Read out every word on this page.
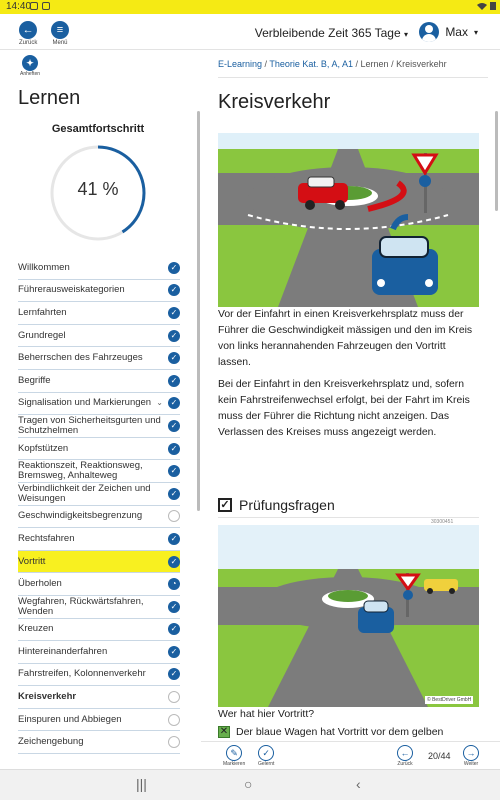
14:40
←
Zurück
≡
Menü
Verbleibende Zeit 365 Tage ▾	Max ▾
✦
Anheften
Lernen
Gesamtfortschritt
41 %
Willkommen	✓
Führerausweiskategorien	✓
Lernfahrten	✓
Grundregel	✓
Beherrschen des Fahrzeuges	✓
Begriffe	✓
Signalisation und Markierungen ⌄ ✓
Tragen von Sicherheitsgurten und Schutzhelmen	✓
Kopfstützen	✓
Reaktionszeit, Reaktionsweg, Bremsweg, Anhalteweg	✓
Verbindlichkeit der Zeichen und Weisungen	✓
Geschwindigkeitsbegrenzung
Rechtsfahren	✓
Vortritt	✓
Überholen	◔
Wegfahren, Rückwärtsfahren, Wenden	✓
Kreuzen	✓
Hintereinanderfahren	✓
Fahrstreifen, Kolonnenverkehr	✓
Kreisverkehr
Einspuren und Abbiegen
Zeichengebung
E-Learning / Theorie Kat. B, A, A1 / Lernen / Kreisverkehr
Kreisverkehr

Vor der Einfahrt in einen Kreisverkehrsplatz muss der Führer die Geschwindigkeit mässigen und den im Kreis von links herannahenden Fahrzeugen den Vortritt lassen.

Bei der Einfahrt in den Kreisverkehrsplatz und, sofern kein Fahrstreifenwechsel erfolgt, bei der Fahrt im Kreis muss der Führer die Richtung nicht anzeigen. Das Verlassen des Kreises muss angezeigt werden.

✓ Prüfungsfragen
30300451
© BestDriver GmbH
Wer hat hier Vortritt?
✕ Der blaue Wagen hat Vortritt vor dem gelben
✎
Markieren
✓
Gelernt
←
Zurück
20/44	→
Weiter
|||	○	‹
